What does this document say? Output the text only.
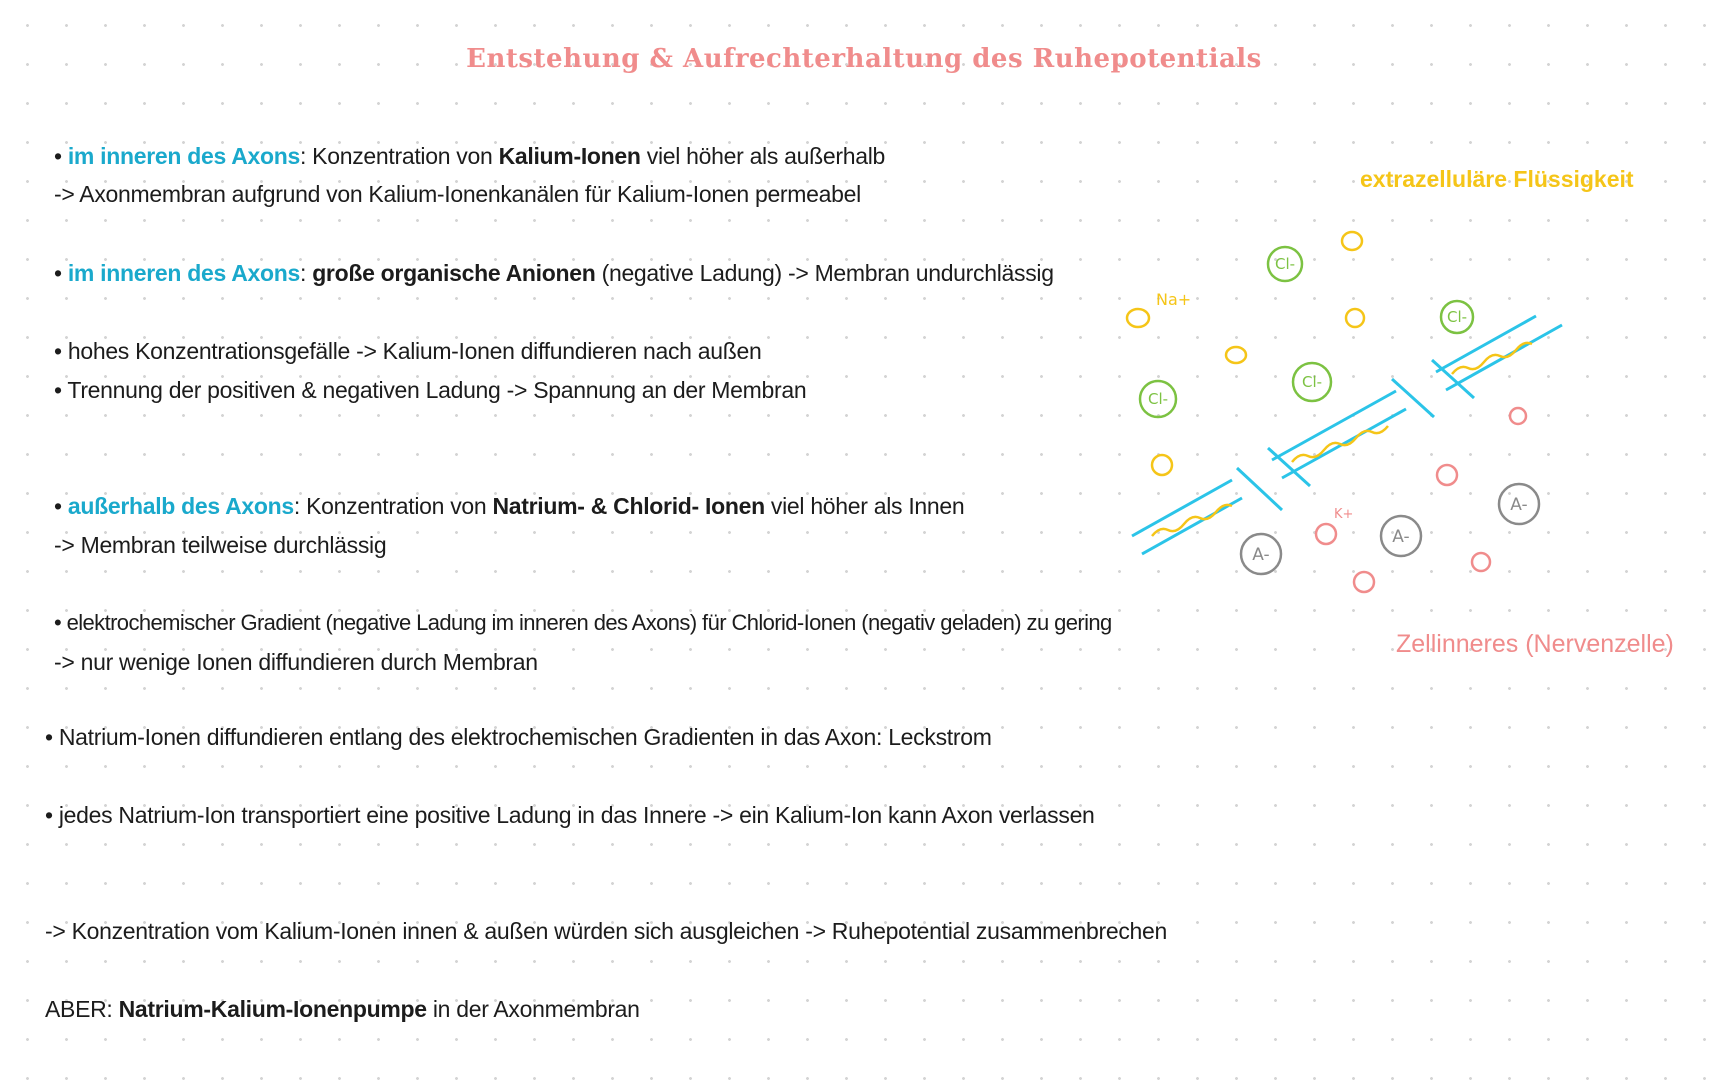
Entstehung & Aufrechterhaltung des Ruhepotentials

• im inneren des Axons: Konzentration von Kalium-Ionen viel höher als außerhalb

-> Axonmembran aufgrund von Kalium-Ionenkanälen für Kalium-Ionen permeabel

• im inneren des Axons: große organische Anionen (negative Ladung) -> Membran undurchlässig

• hohes Konzentrationsgefälle -> Kalium-Ionen diffundieren nach außen

• Trennung der positiven & negativen Ladung -> Spannung an der Membran

• außerhalb des Axons: Konzentration von Natrium- & Chlorid- Ionen viel höher als Innen

-> Membran teilweise durchlässig

• elektrochemischer Gradient (negative Ladung im inneren des Axons) für Chlorid-Ionen (negativ geladen) zu gering

-> nur wenige Ionen diffundieren durch Membran

• Natrium-Ionen diffundieren entlang des elektrochemischen Gradienten in das Axon: Leckstrom

• jedes Natrium-Ion transportiert eine positive Ladung in das Innere -> ein Kalium-Ion kann Axon verlassen

-> Konzentration vom Kalium-Ionen innen & außen würden sich ausgleichen -> Ruhepotential zusammenbrechen

ABER: Natrium-Kalium-Ionenpumpe in der Axonmembran

extrazelluläre Flüssigkeit
Zellinneres (Nervenzelle)
Na+
Cl-
Cl-
Cl-
Cl-
K+
A-
A-
A-
